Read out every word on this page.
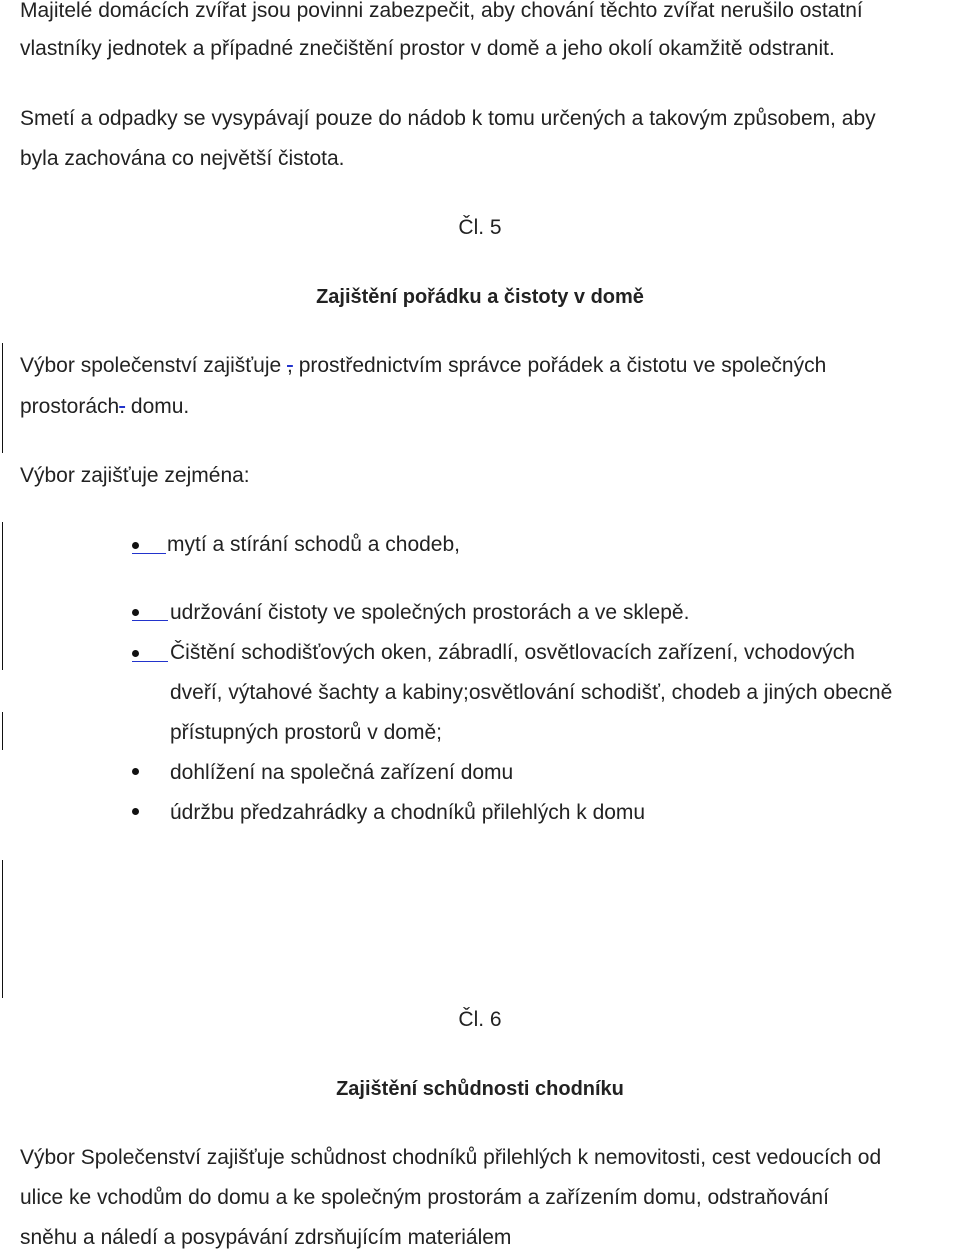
Majitelé domácích zvířat jsou povinni zabezpečit, aby chování těchto zvířat nerušilo ostatní
vlastníky jednotek a případné znečištění prostor v domě a jeho okolí okamžitě odstranit.
Smetí a odpadky se vysypávají pouze do nádob k tomu určených a takovým způsobem, aby
byla zachována co největší čistota.
Čl. 5
Zajištění pořádku a čistoty v domě
Výbor společenství zajišťuje , prostřednictvím správce pořádek a čistotu ve společných
prostorách. domu.
Výbor zajišťuje zejména:
mytí a stírání schodů a chodeb,
udržování čistoty ve společných prostorách a ve sklepě.
Čištění schodišťových oken, zábradlí, osvětlovacích zařízení, vchodových
dveří, výtahové šachty a kabiny;osvětlování schodišť, chodeb a jiných obecně
přístupných prostorů v domě;
dohlížení na společná zařízení domu
údržbu předzahrádky a chodníků přilehlých k domu
Čl. 6
Zajištění schůdnosti chodníku
Výbor Společenství zajišťuje schůdnost chodníků přilehlých k nemovitosti, cest vedoucích od
ulice ke vchodům do domu a ke společným prostorám a zařízením domu, odstraňování
sněhu a náledí a posypávání zdrsňujícím materiálem
